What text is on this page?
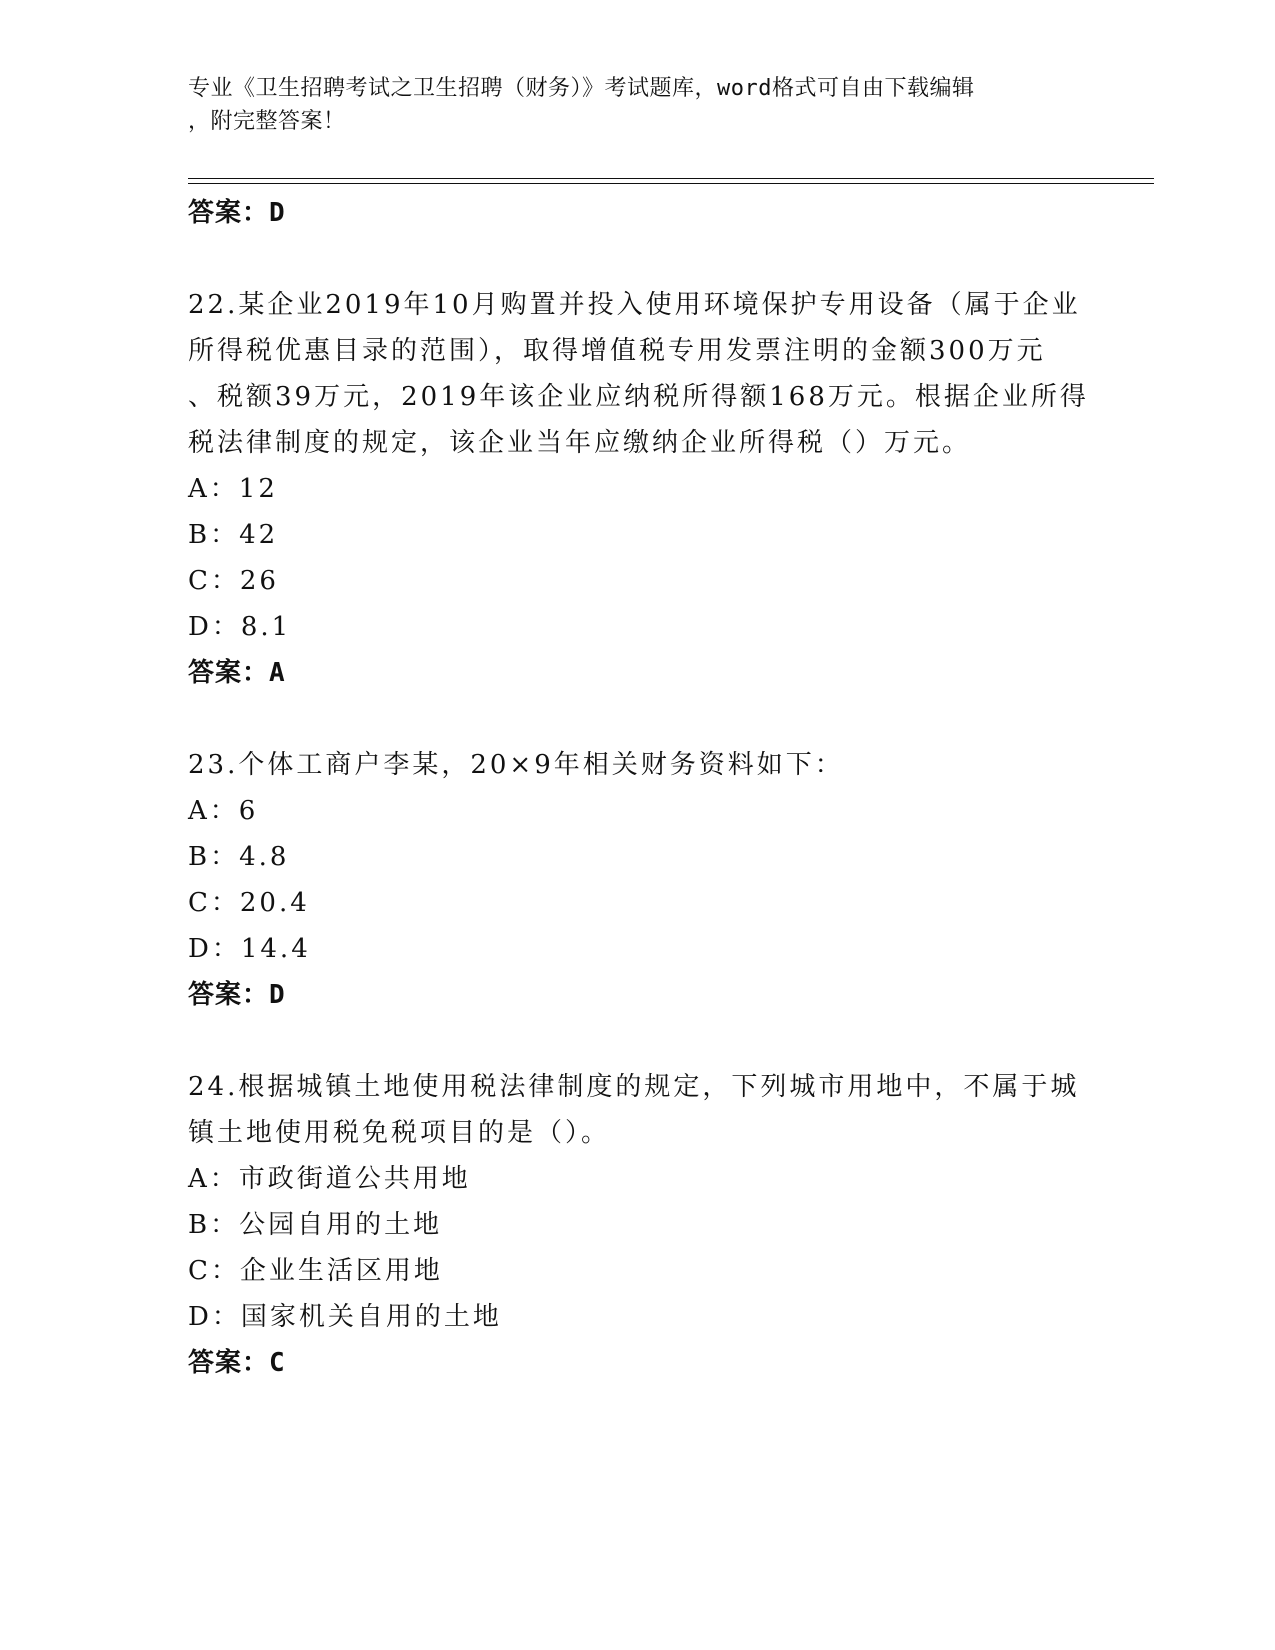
专业《卫生招聘考试之卫生招聘（财务）》考试题库，word格式可自由下载编辑
，附完整答案！
答案：D
22.某企业2019年10月购置并投入使用环境保护专用设备（属于企业
所得税优惠目录的范围），取得增值税专用发票注明的金额300万元
、税额39万元，2019年该企业应纳税所得额168万元。根据企业所得
税法律制度的规定，该企业当年应缴纳企业所得税（）万元。
A：12
B：42
C：26
D：8.1
答案：A
23.个体工商户李某，20×9年相关财务资料如下：
A：6
B：4.8
C：20.4
D：14.4
答案：D
24.根据城镇土地使用税法律制度的规定，下列城市用地中，不属于城
镇土地使用税免税项目的是（）。
A：市政街道公共用地
B：公园自用的土地
C：企业生活区用地
D：国家机关自用的土地
答案：C
